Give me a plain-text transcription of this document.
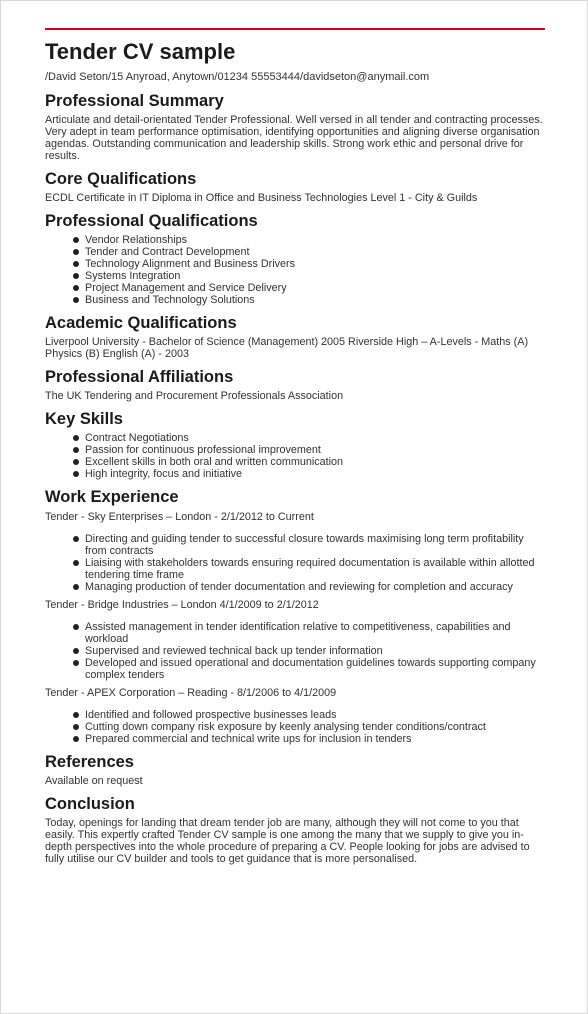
Tender CV sample
/David Seton/15 Anyroad, Anytown/01234 55553444/davidseton@anymail.com
Professional Summary

Articulate and detail-orientated Tender Professional. Well versed in all tender and contracting processes. Very adept in team performance optimisation, identifying opportunities and aligning diverse organisation agendas. Outstanding communication and leadership skills. Strong work ethic and personal drive for results.

Core Qualifications

ECDL Certificate in IT Diploma in Office and Business Technologies Level 1 - City & Guilds

Professional Qualifications
Vendor Relationships
Tender and Contract Development
Technology Alignment and Business Drivers
Systems Integration
Project Management and Service Delivery
Business and Technology Solutions
Academic Qualifications

Liverpool University - Bachelor of Science (Management) 2005 Riverside High – A-Levels - Maths (A) Physics (B) English (A) - 2003

Professional Affiliations

The UK Tendering and Procurement Professionals Association

Key Skills
Contract Negotiations
Passion for continuous professional improvement
Excellent skills in both oral and written communication
High integrity, focus and initiative
Work Experience
Tender - Sky Enterprises – London - 2/1/2012 to Current
Directing and guiding tender to successful closure towards maximising long term profitability from contracts
Liaising with stakeholders towards ensuring required documentation is available within allotted tendering time frame
Managing production of tender documentation and reviewing for completion and accuracy
Tender - Bridge Industries – London 4/1/2009 to 2/1/2012
Assisted management in tender identification relative to competitiveness, capabilities and workload
Supervised and reviewed technical back up tender information
Developed and issued operational and documentation guidelines towards supporting company complex tenders
Tender - APEX Corporation – Reading - 8/1/2006 to 4/1/2009
Identified and followed prospective businesses leads
Cutting down company risk exposure by keenly analysing tender conditions/contract
Prepared commercial and technical write ups for inclusion in tenders
References

Available on request

Conclusion

Today, openings for landing that dream tender job are many, although they will not come to you that easily. This expertly crafted Tender CV sample is one among the many that we supply to give you in-depth perspectives into the whole procedure of preparing a CV. People looking for jobs are advised to fully utilise our CV builder and tools to get guidance that is more personalised.
